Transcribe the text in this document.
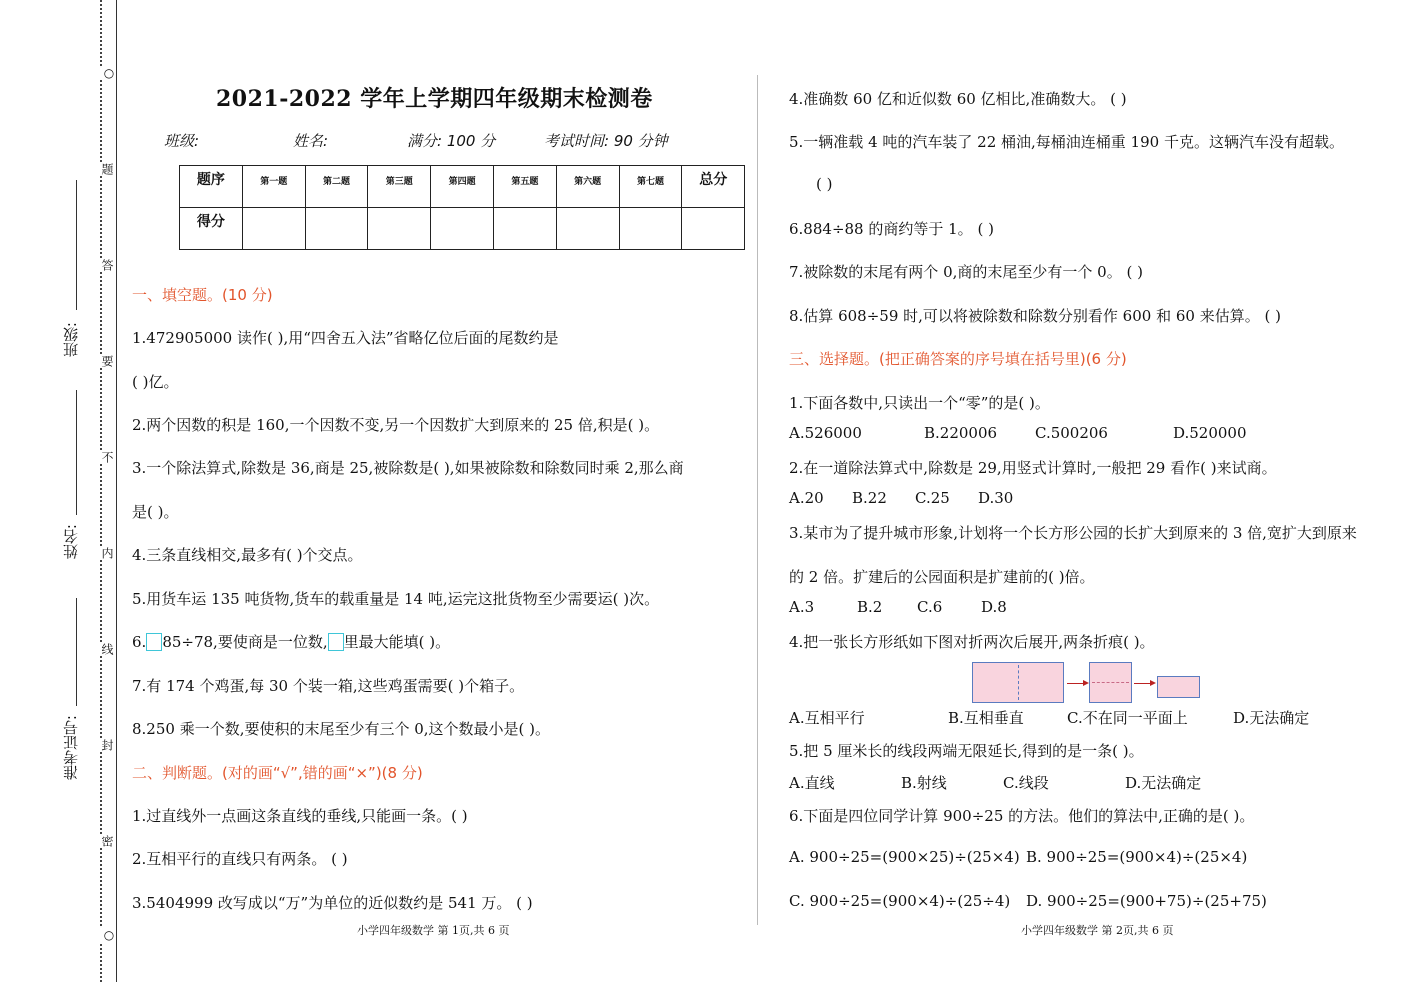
○
题
答
要
不
内
线
封
密
○
班级:
姓名:
准考证号:
2021-2022 学年上学期四年级期末检测卷
班级:	姓名:	满分: 100 分	考试时间: 90 分钟
题序	第一题	第二题	第三题	第四题	第五题	第六题	第七题	总分
得分								
一、填空题。(10 分)
1.472905000 读作( ),用“四舍五入法”省略亿位后面的尾数约是
( )亿。
2.两个因数的积是 160,一个因数不变,另一个因数扩大到原来的 25 倍,积是( )。
3.一个除法算式,除数是 36,商是 25,被除数是( ),如果被除数和除数同时乘 2,那么商
是( )。
4.三条直线相交,最多有( )个交点。
5.用货车运 135 吨货物,货车的载重量是 14 吨,运完这批货物至少需要运( )次。
6. 85÷78,要使商是一位数, 里最大能填( )。
7.有 174 个鸡蛋,每 30 个装一箱,这些鸡蛋需要( )个箱子。
8.250 乘一个数,要使积的末尾至少有三个 0,这个数最小是( )。
二、判断题。(对的画“√”,错的画“×”)(8 分)
1.过直线外一点画这条直线的垂线,只能画一条。( )
2.互相平行的直线只有两条。 ( )
3.5404999 改写成以“万”为单位的近似数约是 541 万。 ( )
小学四年级数学 第 1页,共 6 页
4.准确数 60 亿和近似数 60 亿相比,准确数大。 ( )
5.一辆准载 4 吨的汽车装了 22 桶油,每桶油连桶重 190 千克。这辆汽车没有超载。
( )
6.884÷88 的商约等于 1。 ( )
7.被除数的末尾有两个 0,商的末尾至少有一个 0。 ( )
8.估算 608÷59 时,可以将被除数和除数分别看作 600 和 60 来估算。 ( )
三、选择题。(把正确答案的序号填在括号里)(6 分)
1.下面各数中,只读出一个“零”的是( )。
A.526000	B.220006	C.500206	D.520000
2.在一道除法算式中,除数是 29,用竖式计算时,一般把 29 看作( )来试商。
A.20 B.22 C.25 D.30
3.某市为了提升城市形象,计划将一个长方形公园的长扩大到原来的 3 倍,宽扩大到原来
的 2 倍。扩建后的公园面积是扩建前的( )倍。
A.3	B.2 C.6	D.8
4.把一张长方形纸如下图对折两次后展开,两条折痕( )。
A.互相平行	B.互相垂直	C.不在同一平面上	D.无法确定
5.把 5 厘米长的线段两端无限延长,得到的是一条( )。
A.直线	B.射线	C.线段	D.无法确定
6.下面是四位同学计算 900÷25 的方法。他们的算法中,正确的是( )。
A. 900÷25=(900×25)÷(25×4) B. 900÷25=(900×4)÷(25×4)
C. 900÷25=(900×4)÷(25÷4) D. 900÷25=(900+75)÷(25+75)
小学四年级数学 第 2页,共 6 页
